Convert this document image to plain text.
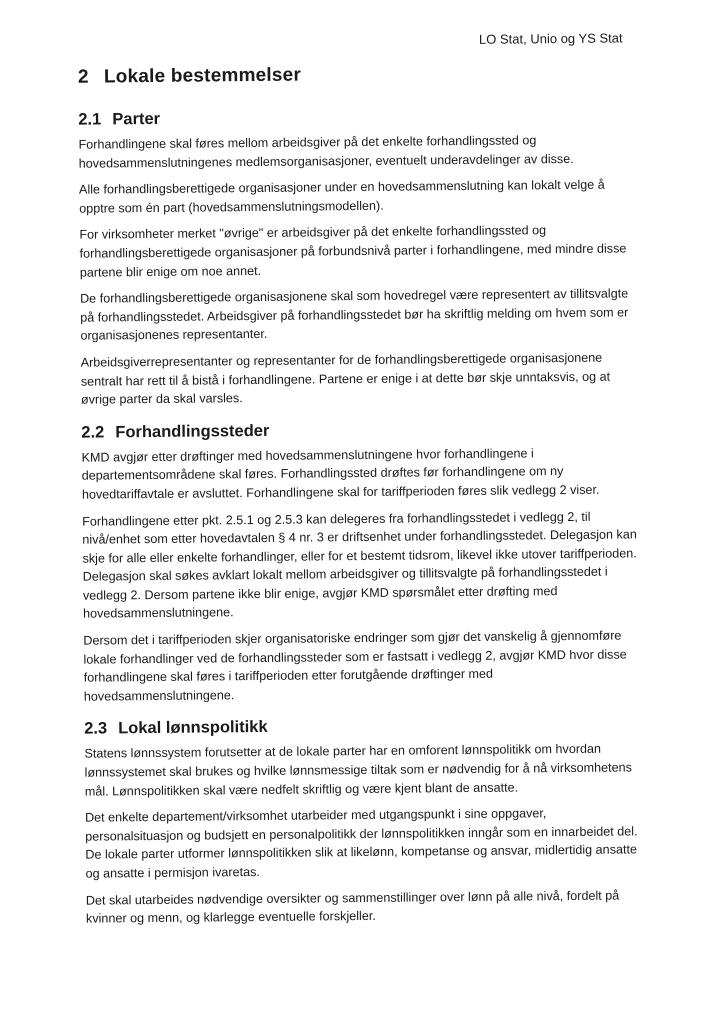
LO Stat, Unio og YS Stat
2 Lokale bestemmelser
2.1 Parter

Forhandlingene skal føres mellom arbeidsgiver på det enkelte forhandlingssted og hovedsammenslutningenes medlemsorganisasjoner, eventuelt underavdelinger av disse.

Alle forhandlingsberettigede organisasjoner under en hovedsammenslutning kan lokalt velge å opptre som én part (hovedsammenslutningsmodellen).

For virksomheter merket "øvrige" er arbeidsgiver på det enkelte forhandlingssted og forhandlingsberettigede organisasjoner på forbundsnivå parter i forhandlingene, med mindre disse partene blir enige om noe annet.

De forhandlingsberettigede organisasjonene skal som hovedregel være representert av tillitsvalgte på forhandlingsstedet. Arbeidsgiver på forhandlingsstedet bør ha skriftlig melding om hvem som er organisasjonenes representanter.

Arbeidsgiverrepresentanter og representanter for de forhandlingsberettigede organisasjonene sentralt har rett til å bistå i forhandlingene. Partene er enige i at dette bør skje unntaksvis, og at øvrige parter da skal varsles.

2.2 Forhandlingssteder

KMD avgjør etter drøftinger med hovedsammenslutningene hvor forhandlingene i departementsområdene skal føres. Forhandlingssted drøftes før forhandlingene om ny hovedtariffavtale er avsluttet. Forhandlingene skal for tariffperioden føres slik vedlegg 2 viser.

Forhandlingene etter pkt. 2.5.1 og 2.5.3 kan delegeres fra forhandlingsstedet i vedlegg 2, til nivå/enhet som etter hovedavtalen § 4 nr. 3 er driftsenhet under forhandlingsstedet. Delegasjon kan skje for alle eller enkelte forhandlinger, eller for et bestemt tidsrom, likevel ikke utover tariffperioden. Delegasjon skal søkes avklart lokalt mellom arbeidsgiver og tillitsvalgte på forhandlingsstedet i vedlegg 2. Dersom partene ikke blir enige, avgjør KMD spørsmålet etter drøfting med hovedsammenslutningene.

Dersom det i tariffperioden skjer organisatoriske endringer som gjør det vanskelig å gjennomføre lokale forhandlinger ved de forhandlingssteder som er fastsatt i vedlegg 2, avgjør KMD hvor disse forhandlingene skal føres i tariffperioden etter forutgående drøftinger med hovedsammenslutningene.

2.3 Lokal lønnspolitikk

Statens lønnssystem forutsetter at de lokale parter har en omforent lønnspolitikk om hvordan lønnssystemet skal brukes og hvilke lønnsmessige tiltak som er nødvendig for å nå virksomhetens mål. Lønnspolitikken skal være nedfelt skriftlig og være kjent blant de ansatte.

Det enkelte departement/virksomhet utarbeider med utgangspunkt i sine oppgaver, personalsituasjon og budsjett en personalpolitikk der lønnspolitikken inngår som en innarbeidet del. De lokale parter utformer lønnspolitikken slik at likelønn, kompetanse og ansvar, midlertidig ansatte og ansatte i permisjon ivaretas.

Det skal utarbeides nødvendige oversikter og sammenstillinger over lønn på alle nivå, fordelt på kvinner og menn, og klarlegge eventuelle forskjeller.
